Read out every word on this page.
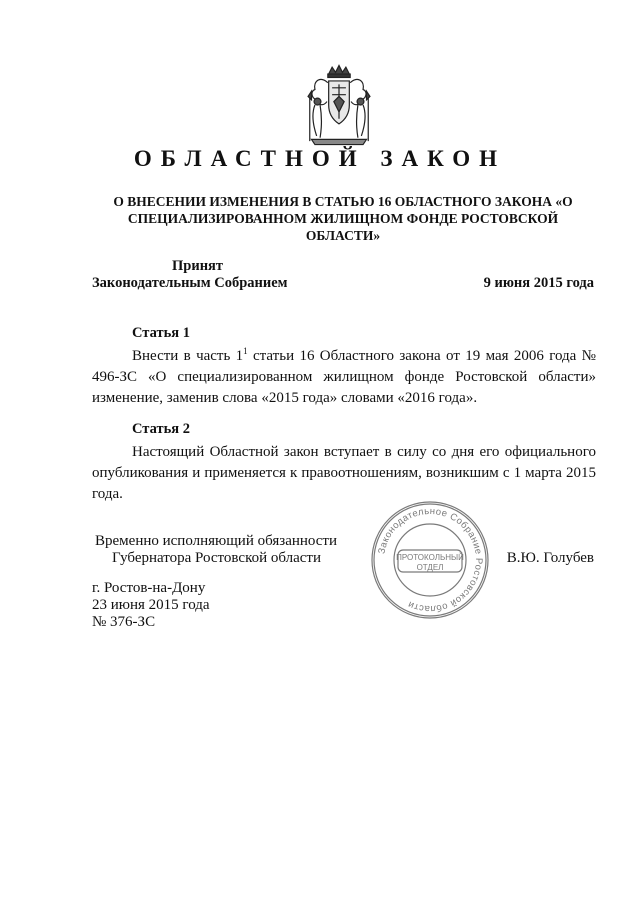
ОБЛАСТНОЙ ЗАКОН
О ВНЕСЕНИИ ИЗМЕНЕНИЯ В СТАТЬЮ 16 ОБЛАСТНОГО ЗАКОНА «О СПЕЦИАЛИЗИРОВАННОМ ЖИЛИЩНОМ ФОНДЕ РОСТОВСКОЙ ОБЛАСТИ»
Принят
Законодательным Собранием	9 июня 2015 года
Статья 1
Внести в часть $1^1$ статьи 16 Областного закона от 19 мая 2006 года № 496-ЗС «О специализированном жилищном фонде Ростовской области» изменение, заменив слова «2015 года» словами «2016 года».
Статья 2
Настоящий Областной закон вступает в силу со дня его официального опубликования и применяется к правоотношениям, возникшим с 1 марта 2015 года.
Временно исполняющий обязанности
Губернатора Ростовской области	В.Ю. Голубев
Законодательное Собрание Ростовской области
ПРОТОКОЛЬНЫЙ
ОТДЕЛ
г. Ростов-на-Дону
23 июня 2015 года
№ 376-ЗС
